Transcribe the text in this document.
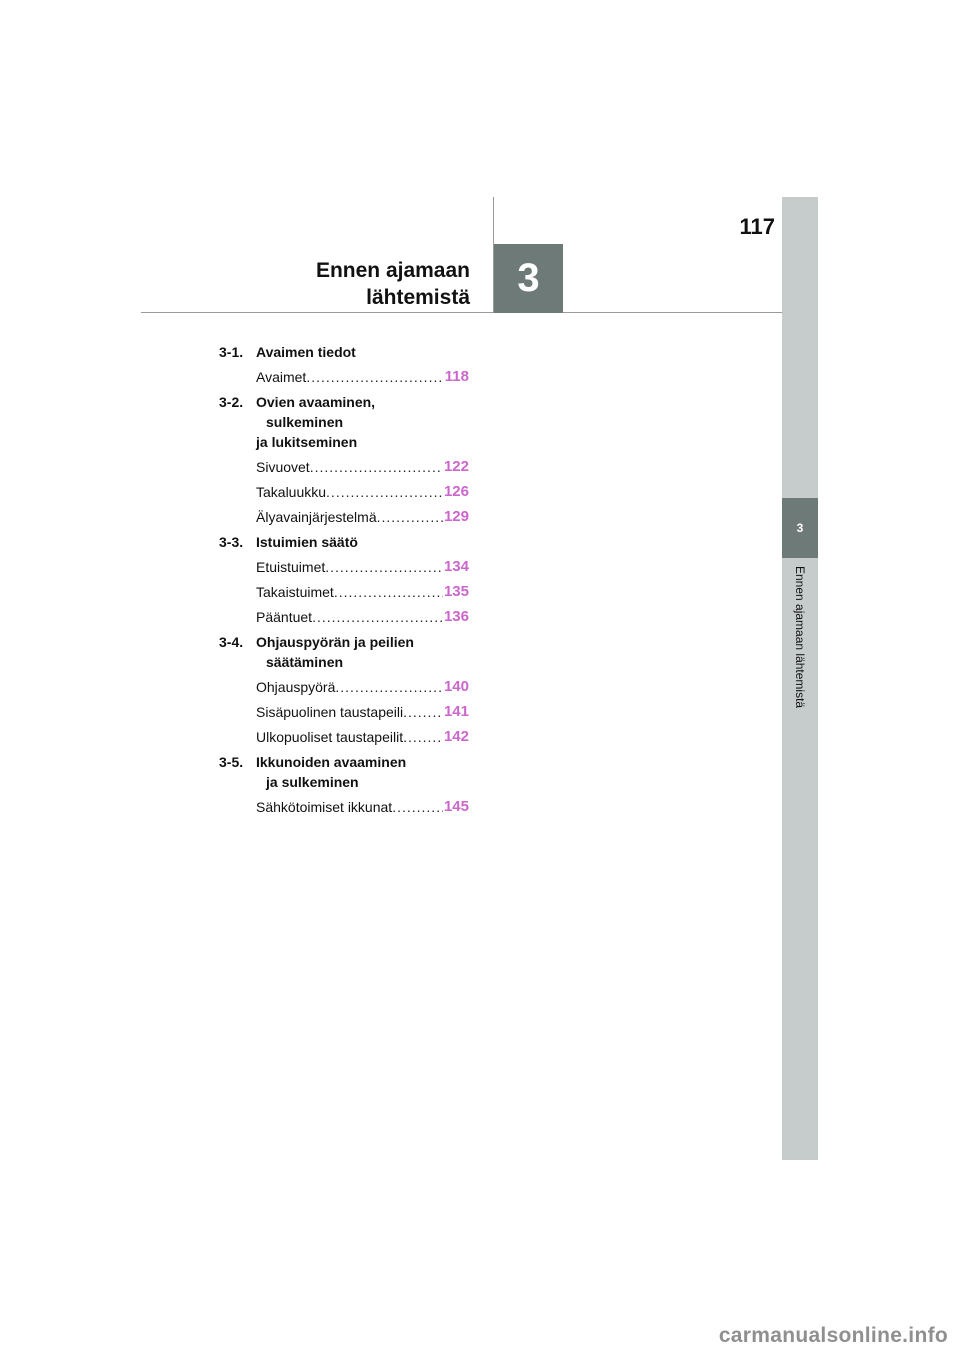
Ennen ajamaan
lähtemistä	3
117
3
Ennen ajamaan lähtemistä
3-1. Avaimen tiedot
Avaimet .....	118
3-2. Ovien avaaminen,
sulkeminen
ja lukitseminen
Sivuovet .....	122
Takaluukku .....	126
Älyavainjärjestelmä .....	129
3-3. Istuimien säätö
Etuistuimet .....	134
Takaistuimet .....	135
Pääntuet .....	136
3-4. Ohjauspyörän ja peilien
säätäminen
Ohjauspyörä .....	140
Sisäpuolinen taustapeili .....	141
Ulkopuoliset taustapeilit .....	142
3-5. Ikkunoiden avaaminen
ja sulkeminen
Sähkötoimiset ikkunat .....	145
carmanualsonline.info
